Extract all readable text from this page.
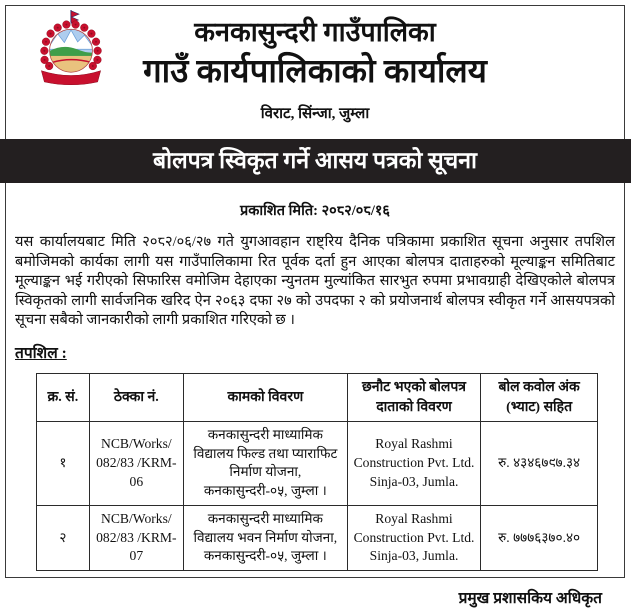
कनकासुन्दरी गाउँपालिका
गाउँ कार्यपालिकाको कार्यालय
विराट, सिंन्जा, जुम्ला
बोलपत्र स्विकृत गर्ने आसय पत्रको सूचना
प्रकाशित मिति: २०८२/०८/१६
यस कार्यालयबाट मिति २०८२/०६/२७ गते युगआवहान राष्ट्रिय दैनिक पत्रिकामा प्रकाशित सूचना अनुसार तपशिल बमोजिमको कार्यका लागी यस गाउँपालिकामा रित पूर्वक दर्ता हुन आएका बोलपत्र दाताहरुको मूल्याङ्कन समितिबाट मूल्याङ्कन भई गरीएको सिफारिस वमोजिम देहाएका न्युनतम मुल्यांकित सारभुत रुपमा प्रभावग्राही देखिएकोले बोलपत्र स्विकृतको लागी सार्वजनिक खरिद ऐन २०६३ दफा २७ को उपदफा २ को प्रयोजनार्थ बोलपत्र स्वीकृत गर्ने आसयपत्रको सूचना सबैको जानकारीको लागी प्रकाशित गरिएको छ ।
तपशिल :
क्र. सं.	ठेक्का नं.	कामको विवरण	छनौट भएको बोलपत्र दाताको विवरण	बोल कवोल अंक (भ्याट) सहित
१	NCB/Works/ 082/83 /KRM-06	कनकासुन्दरी माध्यामिक विद्यालय फिल्ड तथा प्याराफिट निर्माण योजना, कनकासुन्दरी-०५, जुम्ला ।	Royal Rashmi Construction Pvt. Ltd. Sinja-03, Jumla.	रु. ४३४६७९७.३४
२	NCB/Works/ 082/83 /KRM-07	कनकासुन्दरी माध्यामिक विद्यालय भवन निर्माण योजना, कनकासुन्दरी-०५, जुम्ला ।	Royal Rashmi Construction Pvt. Ltd. Sinja-03, Jumla.	रु. ७७७६३७०.४०
प्रमुख प्रशासकिय अधिकृत
